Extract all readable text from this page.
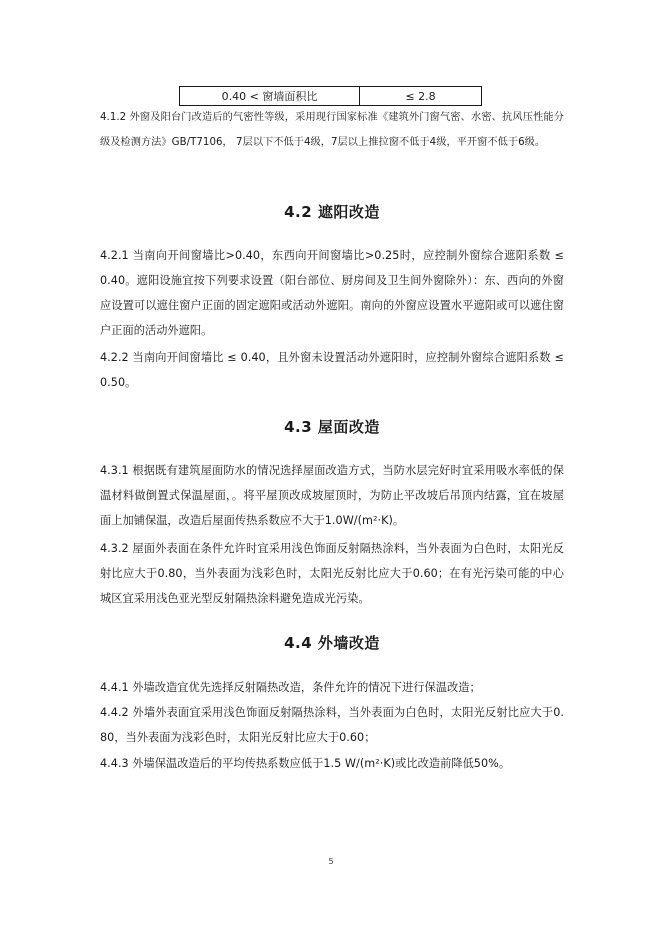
0.40 < 窗墙面积比	≤ 2.8
4.1.2 外窗及阳台门改造后的气密性等级，采用现行国家标准《建筑外门窗气密、水密、抗风压性能分级及检测方法》GB/T7106， 7层以下不低于4级，7层以上推拉窗不低于4级，平开窗不低于6级。
4.2 遮阳改造
4.2.1 当南向开间窗墙比>0.40，东西向开间窗墙比>0.25时，应控制外窗综合遮阳系数 ≤ 0.40。遮阳设施宜按下列要求设置（阳台部位、厨房间及卫生间外窗除外）：东、西向的外窗应设置可以遮住窗户正面的固定遮阳或活动外遮阳。南向的外窗应设置水平遮阳或可以遮住窗户正面的活动外遮阳。
4.2.2 当南向开间窗墙比 ≤ 0.40，且外窗未设置活动外遮阳时，应控制外窗综合遮阳系数 ≤ 0.50。
4.3 屋面改造
4.3.1 根据既有建筑屋面防水的情况选择屋面改造方式，当防水层完好时宜采用吸水率低的保温材料做倒置式保温屋面，。将平屋顶改成坡屋顶时，为防止平改坡后吊顶内结露，宜在坡屋面上加铺保温，改造后屋面传热系数应不大于1.0W/(m²·K)。
4.3.2 屋面外表面在条件允许时宜采用浅色饰面反射隔热涂料，当外表面为白色时，太阳光反射比应大于0.80，当外表面为浅彩色时，太阳光反射比应大于0.60；在有光污染可能的中心城区宜采用浅色亚光型反射隔热涂料避免造成光污染。
4.4 外墙改造
4.4.1 外墙改造宜优先选择反射隔热改造，条件允许的情况下进行保温改造；
4.4.2 外墙外表面宜采用浅色饰面反射隔热涂料，当外表面为白色时，太阳光反射比应大于0.80，当外表面为浅彩色时，太阳光反射比应大于0.60；
4.4.3 外墙保温改造后的平均传热系数应低于1.5 W/(m²·K)或比改造前降低50%。
5
